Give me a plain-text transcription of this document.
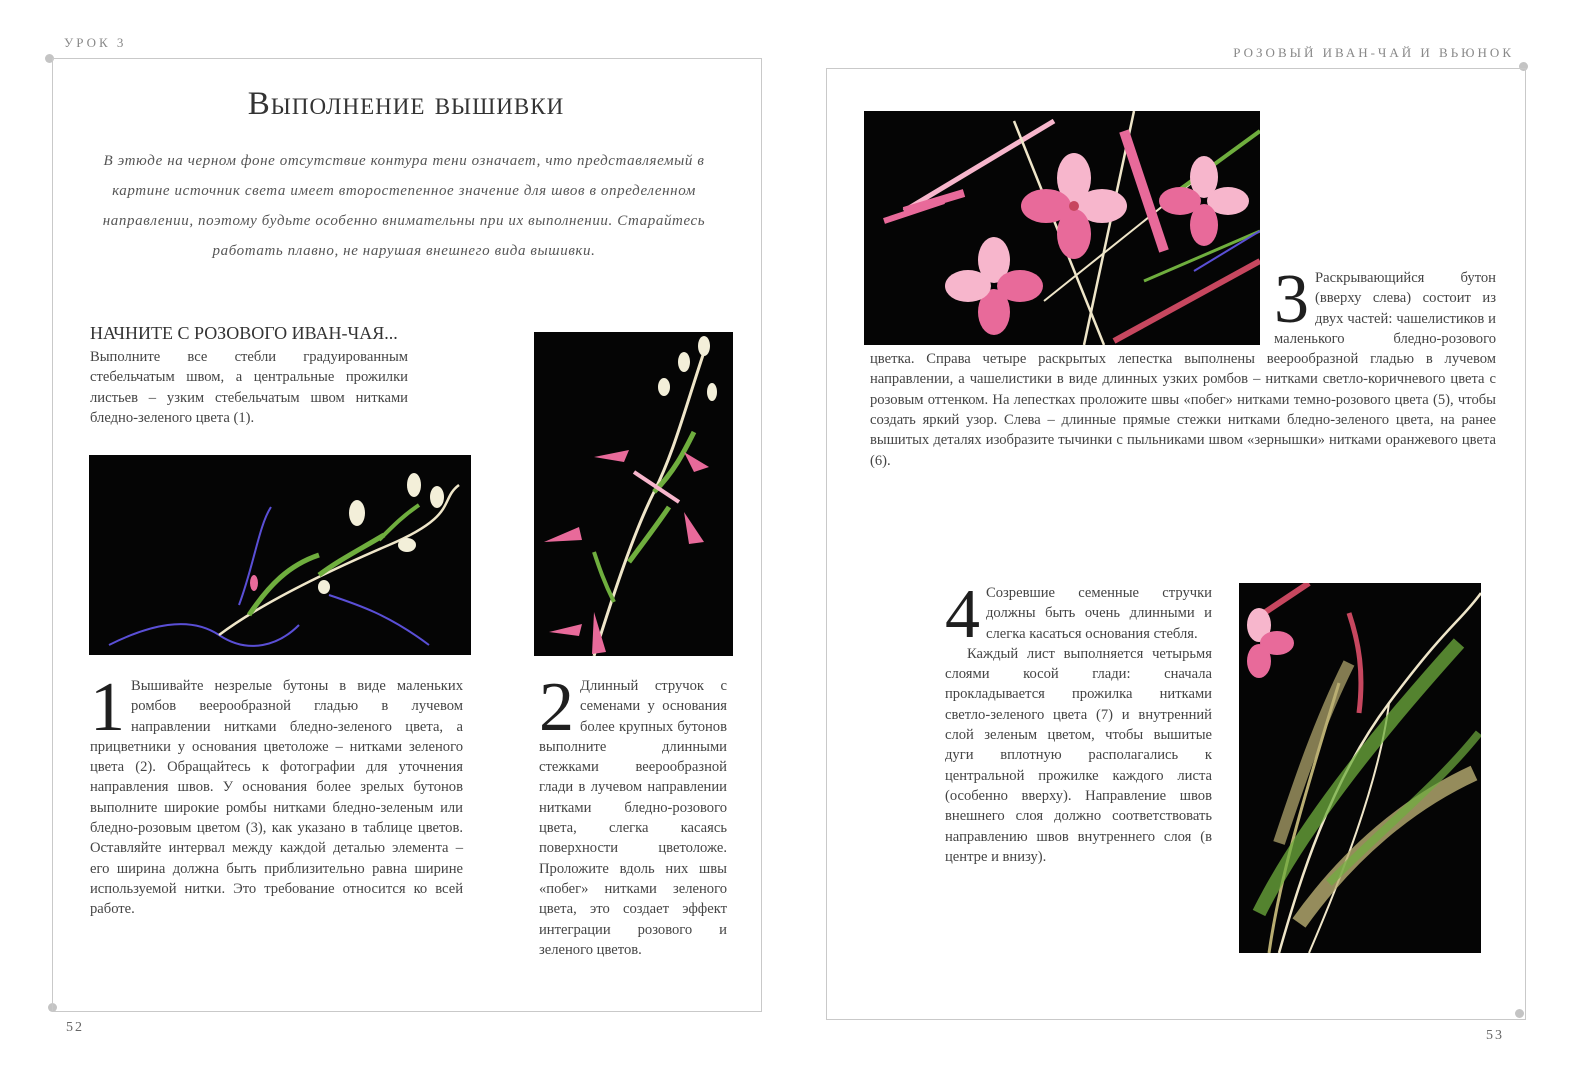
УРОК 3
Выполнение вышивки
В этюде на черном фоне отсутствие контура тени означает, что представляемый в картине источник света имеет второстепенное значение для швов в определенном направлении, поэтому будьте особенно внимательны при их выполнении. Старайтесь работать плавно, не нарушая внешнего вида вышивки.
НАЧНИТЕ С РОЗОВОГО ИВАН-ЧАЯ...

Выполните все стебли градуированным стебельчатым швом, а центральные прожилки листьев – узким стебельчатым швом нитками бледно-зеленого цвета (1).

1 Вышивайте незрелые бутоны в виде маленьких ромбов веерообразной гладью в лучевом направлении нитками бледно-зеленого цвета, а прицветники у основания цветоложе – нитками зеленого цвета (2). Обращайтесь к фотографии для уточнения направления швов. У основания более зрелых бутонов выполните широкие ромбы нитками бледно-зеленым или бледно-розовым цветом (3), как указано в таблице цветов. Оставляйте интервал между каждой деталью элемента – его ширина должна быть приблизительно равна ширине используемой нитки. Это требование относится ко всей работе.

2 Длинный стручок с семенами у основания более крупных бутонов выполните длинными стежками веерообразной глади в лучевом направлении нитками бледно-розового цвета, слегка касаясь поверхности цветоложе. Проложите вдоль них швы «побег» нитками зеленого цвета, это создает эффект интеграции розового и зеленого цветов.

52
РОЗОВЫЙ ИВАН-ЧАЙ И ВЬЮНОК
3 Раскрывающийся бутон (вверху слева) состоит из двух частей: чашелистиков и маленького бледно-розового цветка. Справа четыре раскрытых лепестка выполнены веерообразной гладью в лучевом направлении, а чашелистики в виде длинных узких ромбов – нитками светло-коричневого цвета с розовым оттенком. На лепестках проложите швы «побег» нитками темно-розового цвета (5), чтобы создать яркий узор. Слева – длинные прямые стежки нитками бледно-зеленого цвета, на ранее вышитых деталях изобразите тычинки с пыльниками швом «зернышки» нитками оранжевого цвета (6).

4 Созревшие семенные стручки должны быть очень длинными и слегка касаться основания стебля.

Каждый лист выполняется четырьмя слоями косой глади: сначала прокладывается прожилка нитками светло-зеленого цвета (7) и внутренний слой зеленым цветом, чтобы вышитые дуги вплотную располагались к центральной прожилке каждого листа (особенно вверху). Направление швов внешнего слоя должно соответствовать направлению швов внутреннего слоя (в центре и внизу).

53
